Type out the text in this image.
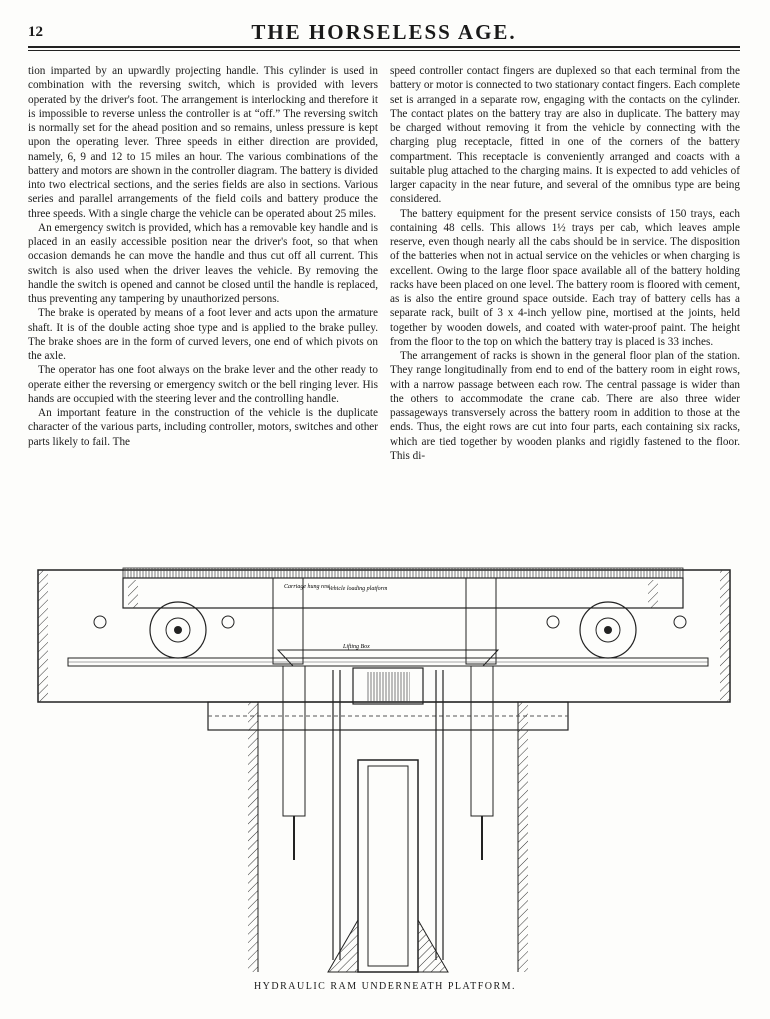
12	THE HORSELESS AGE.

tion imparted by an upwardly projecting handle. This cylinder is used in combination with the reversing switch, which is provided with levers operated by the driver's foot. The arrangement is interlocking and therefore it is impossible to reverse unless the controller is at “off.” The reversing switch is normally set for the ahead position and so remains, unless pressure is kept upon the operating lever. Three speeds in either direction are provided, namely, 6, 9 and 12 to 15 miles an hour. The various combinations of the battery and motors are shown in the controller diagram. The battery is divided into two electrical sections, and the series fields are also in sections. Various series and parallel arrangements of the field coils and battery produce the three speeds. With a single charge the vehicle can be operated about 25 miles.

An emergency switch is provided, which has a removable key handle and is placed in an easily accessible position near the driver's foot, so that when occasion demands he can move the handle and thus cut off all current. This switch is also used when the driver leaves the vehicle. By removing the handle the switch is opened and cannot be closed until the handle is replaced, thus preventing any tampering by unauthorized persons.

The brake is operated by means of a foot lever and acts upon the armature shaft. It is of the double acting shoe type and is applied to the brake pulley. The brake shoes are in the form of curved levers, one end of which pivots on the axle.

The operator has one foot always on the brake lever and the other ready to operate either the reversing or emergency switch or the bell ringing lever. His hands are occupied with the steering lever and the controlling handle.

An important feature in the construction of the vehicle is the duplicate character of the various parts, including controller, motors, switches and other parts likely to fail. The

speed controller contact fingers are duplexed so that each terminal from the battery or motor is connected to two stationary contact fingers. Each complete set is arranged in a separate row, engaging with the contacts on the cylinder. The contact plates on the battery tray are also in duplicate. The battery may be charged without removing it from the vehicle by connecting with the charging plug receptacle, fitted in one of the corners of the battery compartment. This receptacle is conveniently arranged and coacts with a suitable plug attached to the charging mains. It is expected to add vehicles of larger capacity in the near future, and several of the omnibus type are being considered.

The battery equipment for the present service consists of 150 trays, each containing 48 cells. This allows 1½ trays per cab, which leaves ample reserve, even though nearly all the cabs should be in service. The disposition of the batteries when not in actual service on the vehicles or when charging is excellent. Owing to the large floor space available all of the battery holding racks have been placed on one level. The battery room is floored with cement, as is also the entire ground space outside. Each tray of battery cells has a separate rack, built of 3 x 4-inch yellow pine, mortised at the joints, held together by wooden dowels, and coated with water-proof paint. The height from the floor to the top on which the battery tray is placed is 33 inches.

The arrangement of racks is shown in the general floor plan of the station. They range longitudinally from end to end of the battery room in eight rows, with a narrow passage between each row. The central passage is wider than the others to accommodate the crane cab. There are also three wider passageways transversely across the battery room in addition to those at the ends. Thus, the eight rows are cut into four parts, each containing six racks, which are tied together by wooden planks and rigidly fastened to the floor. This di-

Carriage hung rest
Vehicle loading platform
Lifting Box
HYDRAULIC RAM UNDERNEATH PLATFORM.
